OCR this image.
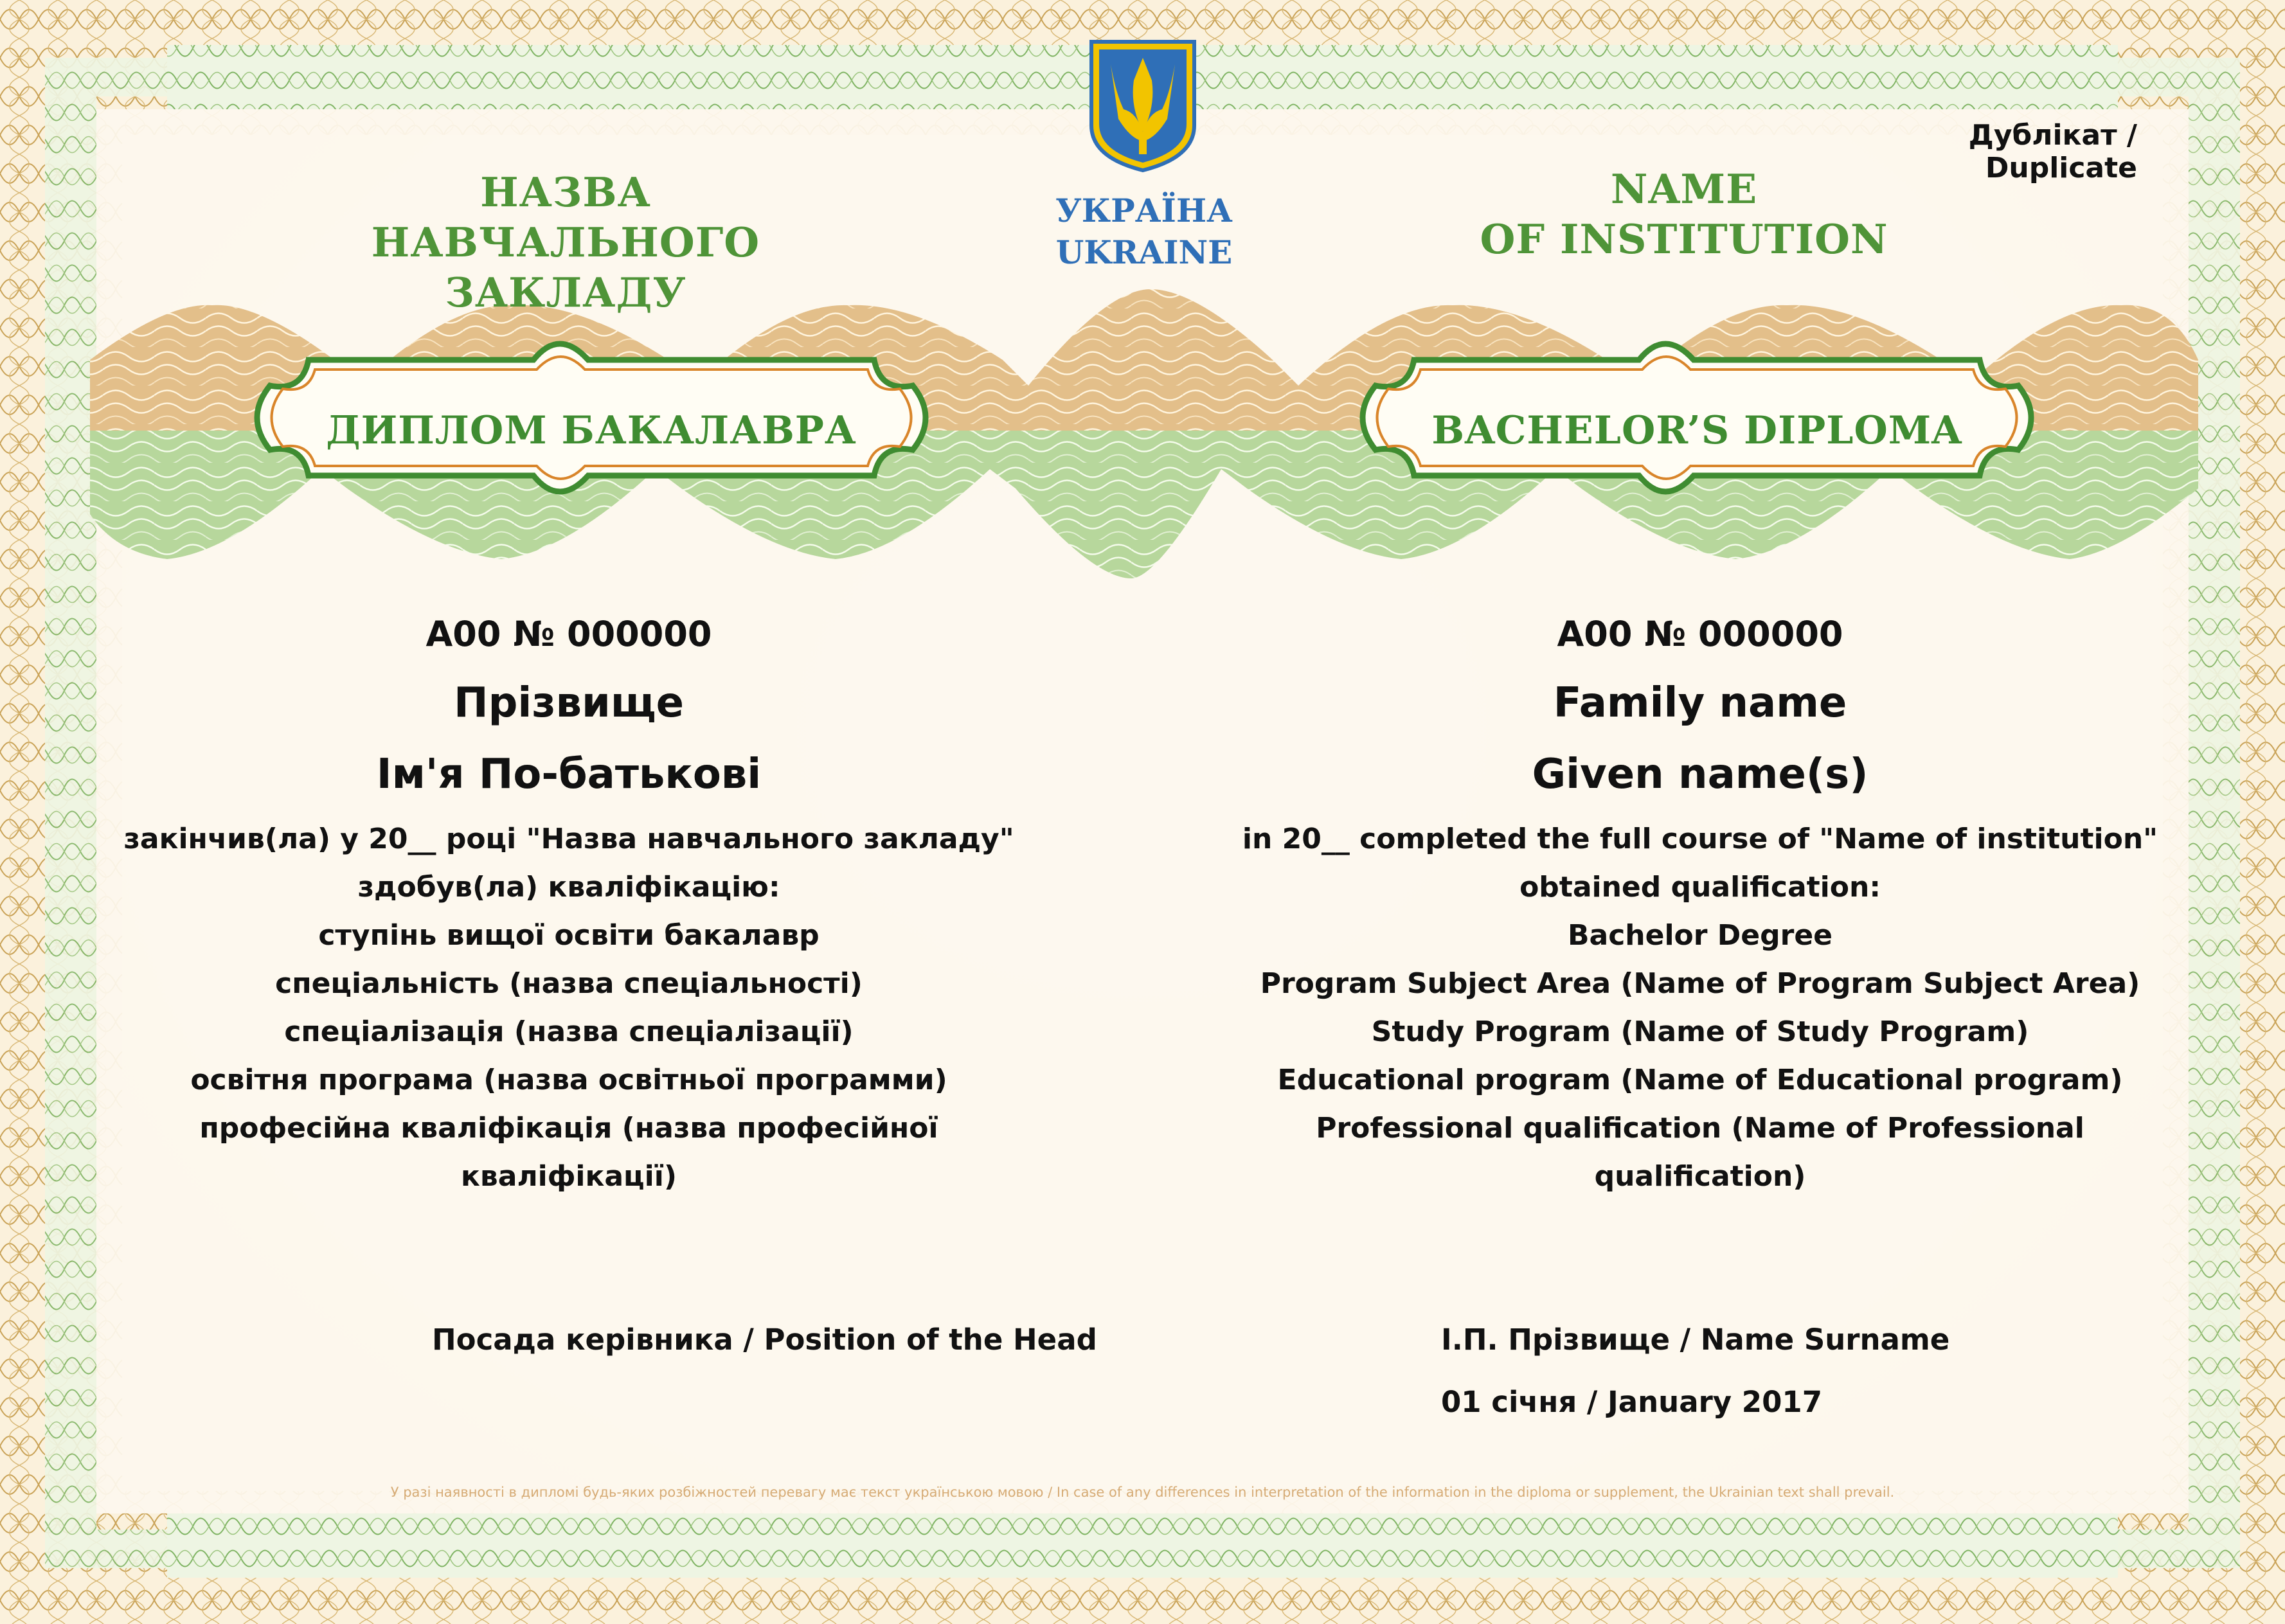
УКРАЇНА
UKRAINE
Дублікат / Duplicate
НАЗВА
НАВЧАЛЬНОГО ЗАКЛАДУ
NAME
OF INSTITUTION
ДИПЛОМ БАКАЛАВРА	BACHELOR’S DIPLOMA
А00 № 000000
Прізвище
Ім'я По-батькові
закінчив(ла) у 20__ році "Назва навчального закладу"
здобув(ла) кваліфікацію:
ступінь вищої освіти бакалавр
спеціальність (назва спеціальності)
спеціалізація (назва спеціалізації)
освітня програма (назва освітньої программи)
професійна кваліфікація (назва професійної
кваліфікації)
А00 № 000000
Family name
Given name(s)
in 20__ completed the full course of "Name of institution"
obtained qualification:
Bachelor Degree
Program Subject Area (Name of Program Subject Area)
Study Program (Name of Study Program)
Educational program (Name of Educational program)
Professional qualification (Name of Professional
qualification)
Посада керівника / Position of the Head	І.П. Прізвище / Name Surname
01 січня / January 2017
У разі наявності в дипломі будь-яких розбіжностей перевагу має текст українською мовою / In case of any differences in interpretation of the information in the diploma or supplement, the Ukrainian text shall prevail.
